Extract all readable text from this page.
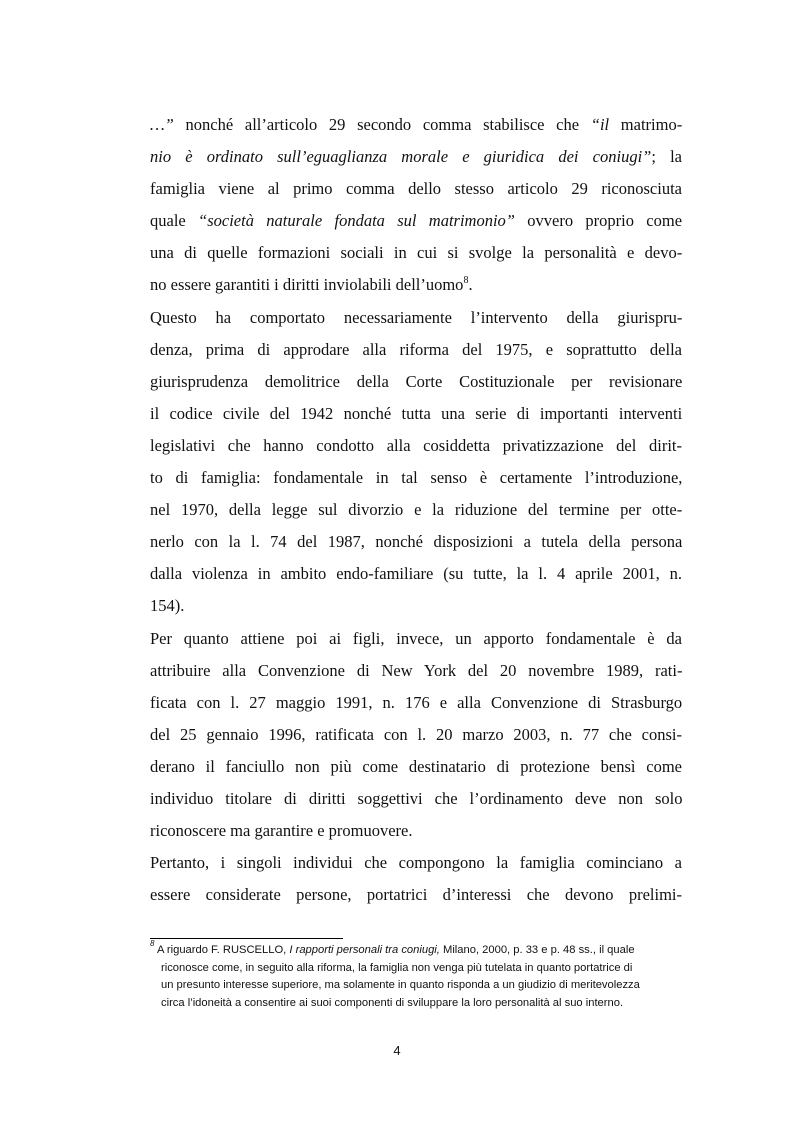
…” nonché all’articolo 29 secondo comma stabilisce che “il matrimo-
nio è ordinato sull’eguaglianza morale e giuridica dei coniugi”; la
famiglia viene al primo comma dello stesso articolo 29 riconosciuta
quale “società naturale fondata sul matrimonio” ovvero proprio come
una di quelle formazioni sociali in cui si svolge la personalità e devo-
no essere garantiti i diritti inviolabili dell’uomo$^8$.
Questo ha comportato necessariamente l’intervento della giurispru-
denza, prima di approdare alla riforma del 1975, e soprattutto della
giurisprudenza demolitrice della Corte Costituzionale per revisionare
il codice civile del 1942 nonché tutta una serie di importanti interventi
legislativi che hanno condotto alla cosiddetta privatizzazione del dirit-
to di famiglia: fondamentale in tal senso è certamente l’introduzione,
nel 1970, della legge sul divorzio e la riduzione del termine per otte-
nerlo con la l. 74 del 1987, nonché disposizioni a tutela della persona
dalla violenza in ambito endo-familiare (su tutte, la l. 4 aprile 2001, n.
154).
Per quanto attiene poi ai figli, invece, un apporto fondamentale è da
attribuire alla Convenzione di New York del 20 novembre 1989, rati-
ficata con l. 27 maggio 1991, n. 176 e alla Convenzione di Strasburgo
del 25 gennaio 1996, ratificata con l. 20 marzo 2003, n. 77 che consi-
derano il fanciullo non più come destinatario di protezione bensì come
individuo titolare di diritti soggettivi che l’ordinamento deve non solo
riconoscere ma garantire e promuovere.
Pertanto, i singoli individui che compongono la famiglia cominciano a
essere considerate persone, portatrici d’interessi che devono prelimi-
$^8$ A riguardo F. RUSCELLO, I rapporti personali tra coniugi, Milano, 2000, p. 33 e p. 48 ss., il quale
riconosce come, in seguito alla riforma, la famiglia non venga più tutelata in quanto portatrice di
un presunto interesse superiore, ma solamente in quanto risponda a un giudizio di meritevolezza
circa l’idoneità a consentire ai suoi componenti di sviluppare la loro personalità al suo interno.
4
